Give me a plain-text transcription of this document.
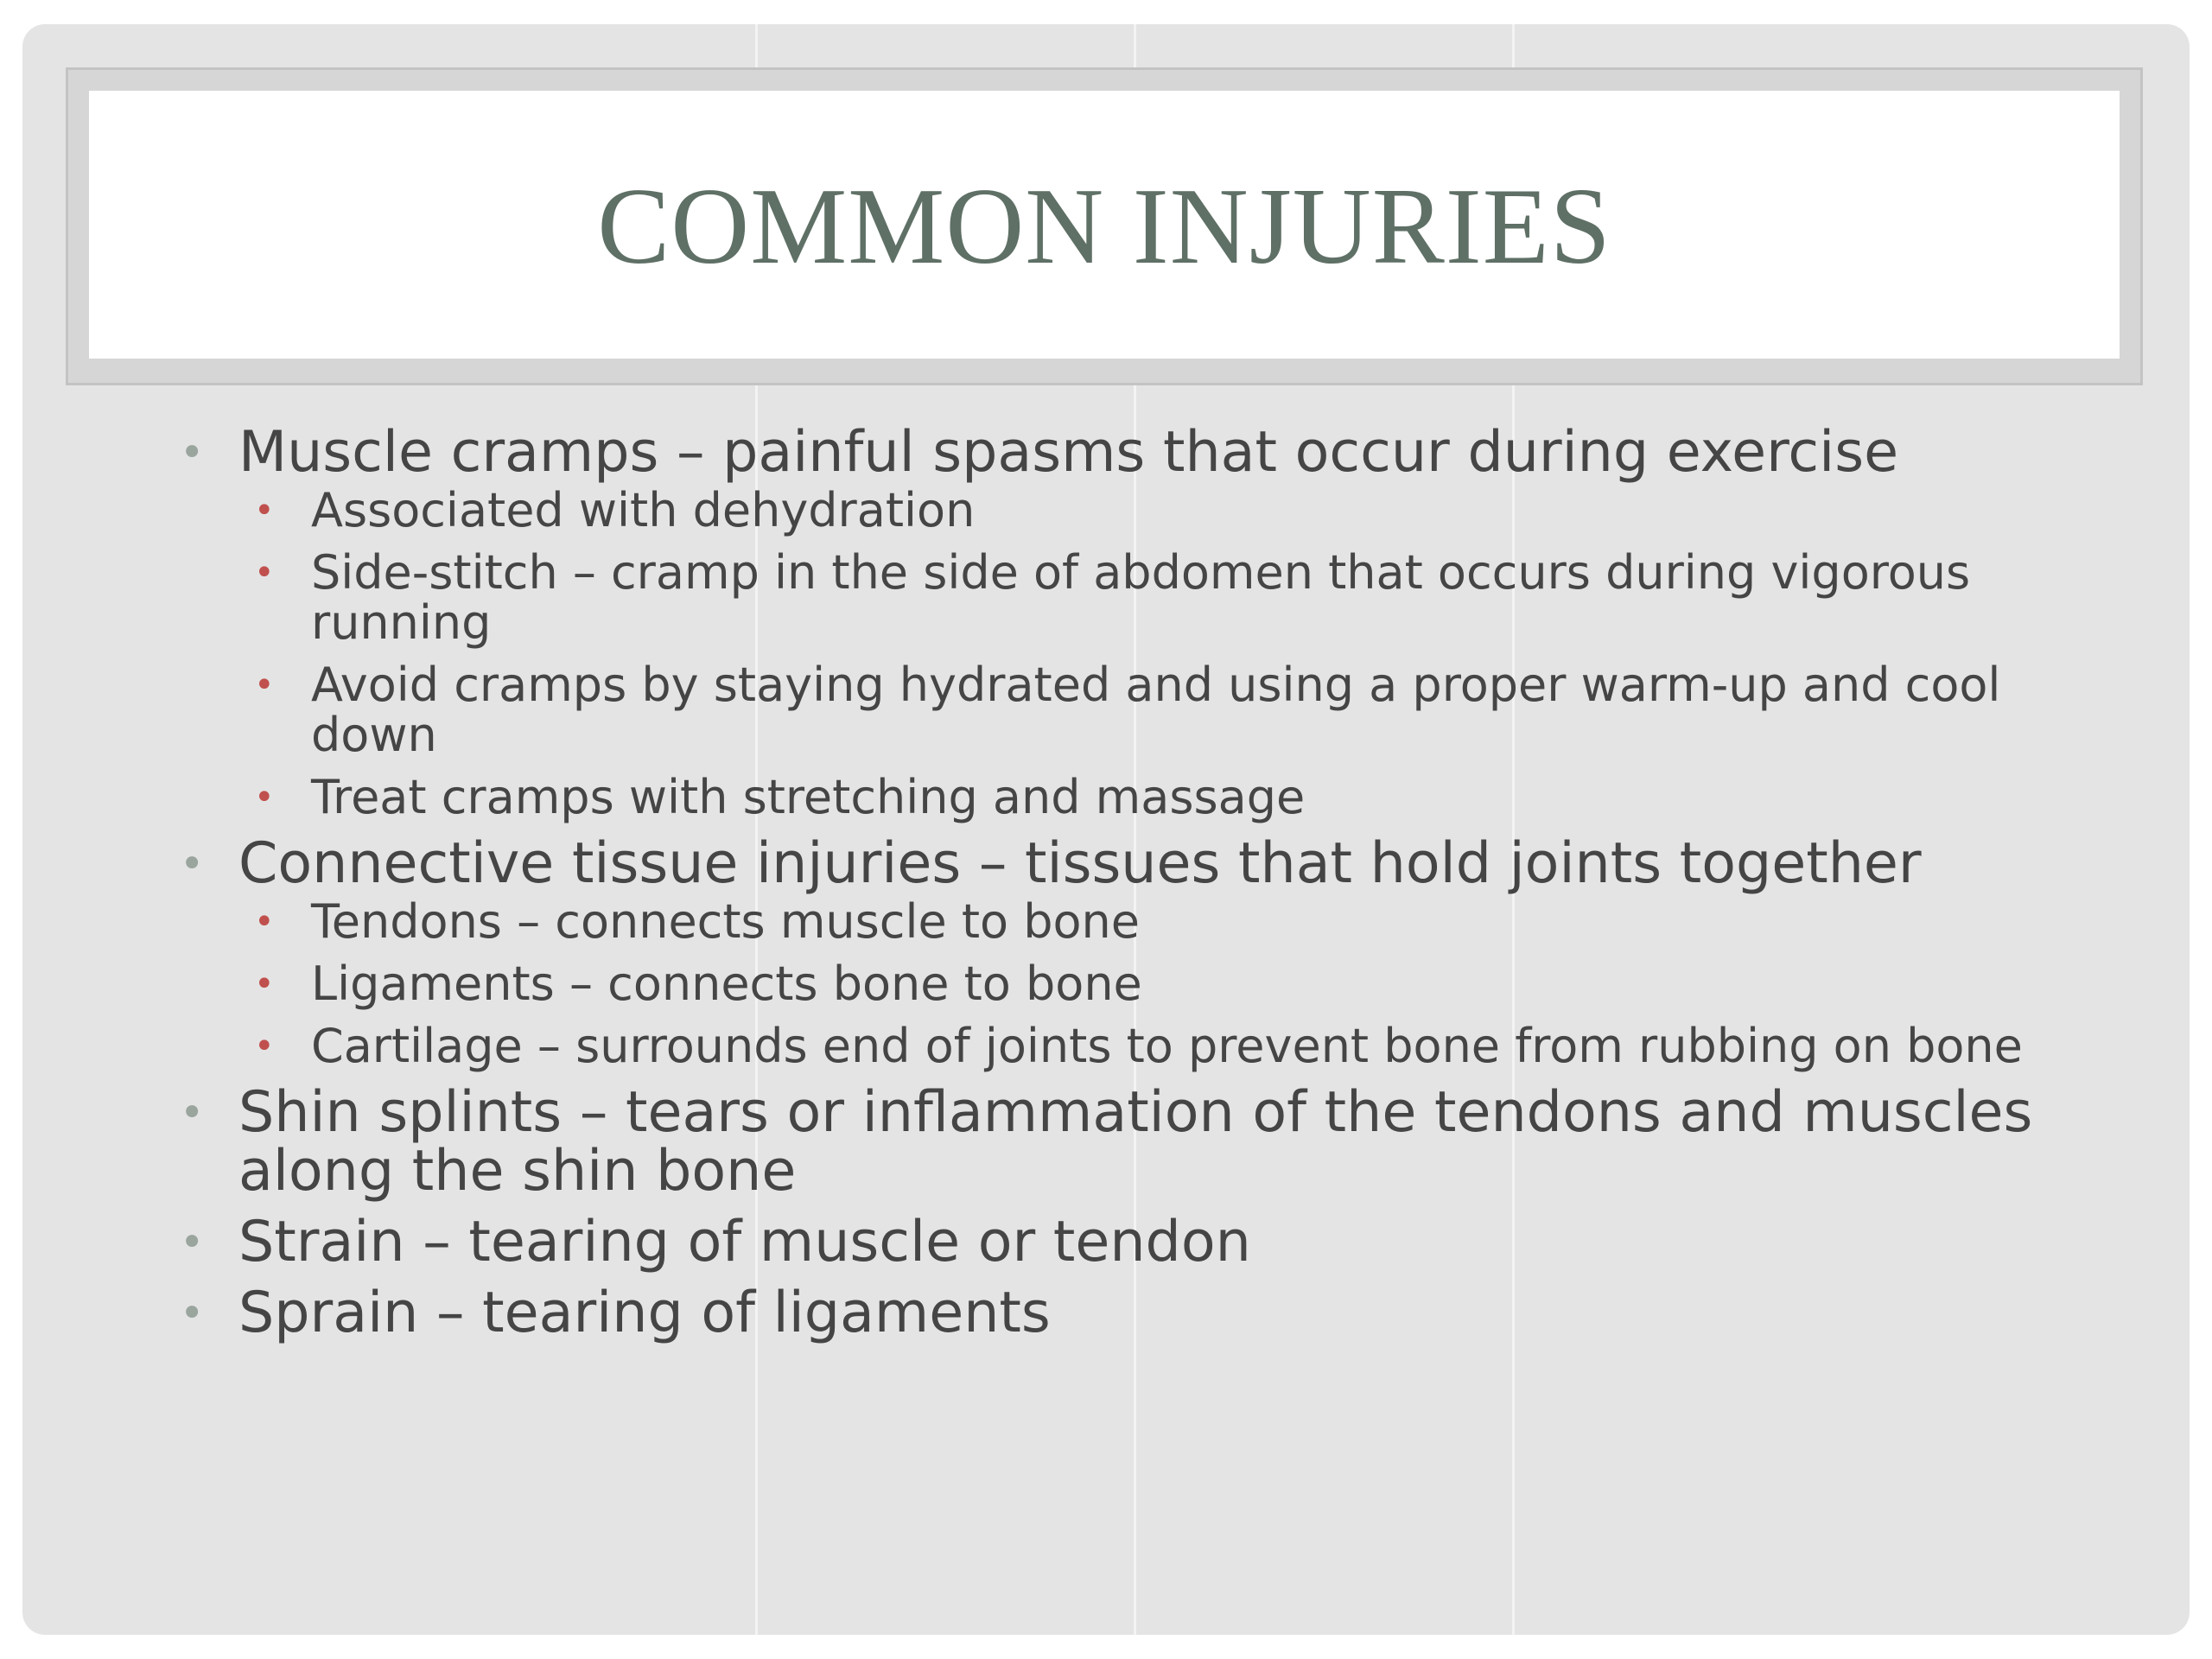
COMMON INJURIES
• Muscle cramps – painful spasms that occur during exercise
• Associated with dehydration
• Side-stitch – cramp in the side of abdomen that occurs during vigorous running
• Avoid cramps by staying hydrated and using a proper warm-up and cool down
• Treat cramps with stretching and massage
• Connective tissue injuries – tissues that hold joints together
• Tendons – connects muscle to bone
• Ligaments – connects bone to bone
• Cartilage – surrounds end of joints to prevent bone from rubbing on bone
• Shin splints – tears or inflammation of the tendons and muscles along the shin bone
• Strain – tearing of muscle or tendon
• Sprain – tearing of ligaments
